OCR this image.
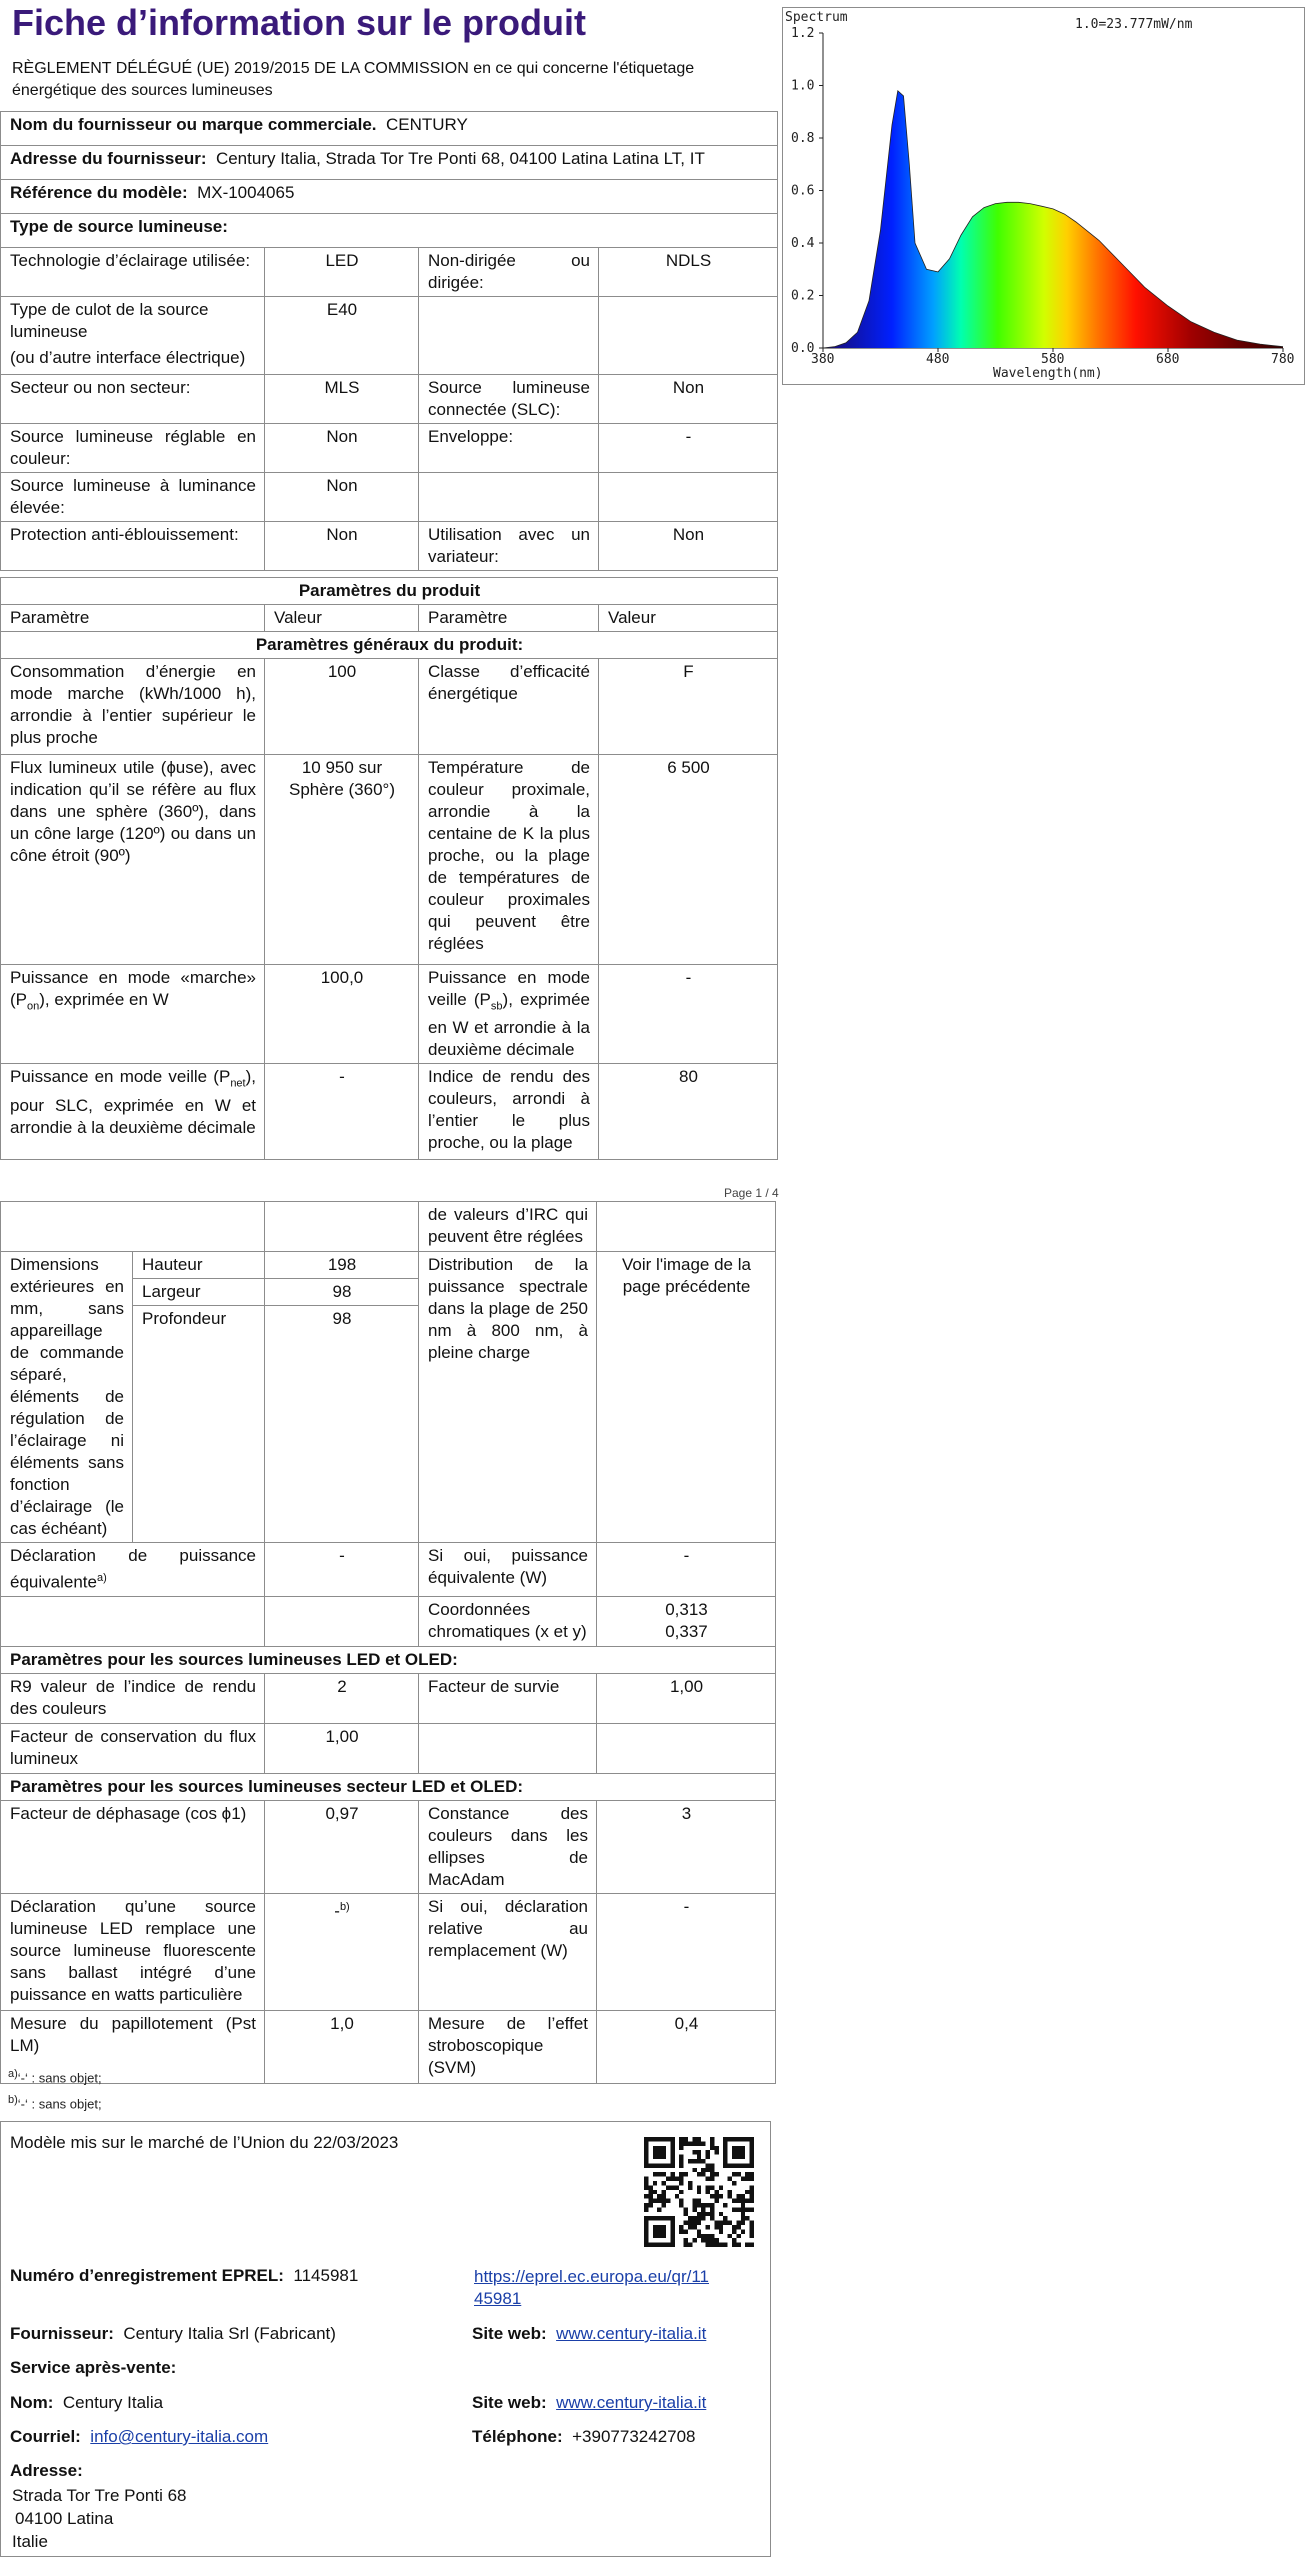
Fiche d’information sur le produit
RÈGLEMENT DÉLÉGUÉ (UE) 2019/2015 DE LA COMMISSION en ce qui concerne l'étiquetage énergétique des sources lumineuses
Spectrum	1.0=23.777mW/nm
380	480	580	680	780
0.0
0.2
0.4
0.6
0.8
1.0
1.2
Wavelength(nm)
Nom du fournisseur ou marque commerciale. CENTURY
Adresse du fournisseur: Century Italia, Strada Tor Tre Ponti 68, 04100 Latina Latina LT, IT
Référence du modèle: MX-1004065
Type de source lumineuse:
Technologie d’éclairage utilisée:	LED	Non-dirigée ou dirigée:	NDLS

Type de culot de la source lumineuse
(ou d’autre interface électrique)	E40		
Secteur ou non secteur:	MLS	Source lumineuse connectée (SLC):	Non
Source lumineuse réglable en couleur:	Non	Enveloppe:	-
Source lumineuse à luminance élevée:	Non		
Protection anti-éblouissement:	Non	Utilisation avec un variateur:	Non
Paramètres du produit			
Paramètre	Valeur	Paramètre	Valeur
Paramètres généraux du produit:			
Consommation d’énergie en mode marche (kWh/1000 h), arrondie à l’entier supérieur le plus proche	100	Classe d’efficacité énergétique	F
Flux lumineux utile (ɸuse), avec indication qu’il se réfère au flux dans une sphère (360º), dans un cône large (120º) ou dans un cône étroit (90º)	10 950 sur Sphère (360°)	Température de couleur proximale, arrondie à la centaine de K la plus proche, ou la plage de températures de couleur proximales qui peuvent être réglées	6 500
Puissance en mode «marche» $(P_{on})$, exprimée en W	100,0	Puissance en mode veille $(P_{sb})$, exprimée en W et arrondie à la deuxième décimale	-
Puissance en mode veille $(P_{net})$, pour SLC, exprimée en W et arrondie à la deuxième décimale	-	Indice de rendu des couleurs, arrondi à l’entier le plus proche, ou la plage	80
Page 1 / 4
			de valeurs d’IRC qui peuvent être réglées	
Dimensions extérieures en mm, sans appareillage de commande séparé, éléments de régulation de l’éclairage ni éléments sans fonction d’éclairage (le cas échéant)	Hauteur	198	Distribution de la puissance spectrale dans la plage de 250 nm à 800 nm, à pleine charge	Voir l'image de la page précédente
	Largeur	98		
	Profondeur	98		
Déclaration de puissance équivalente$^{a)}$		-	Si oui, puissance équivalente (W)	-
			Coordonnées chromatiques (x et y)	0,313
0,337

Paramètres pour les sources lumineuses LED et OLED:				
R9 valeur de l’indice de rendu des couleurs		2	Facteur de survie	1,00
Facteur de conservation du flux lumineux		1,00		
Paramètres pour les sources lumineuses secteur LED et OLED:				
Facteur de déphasage (cos ϕ1)		0,97	Constance des couleurs dans les ellipses de MacAdam	3
Déclaration qu’une source lumineuse LED remplace une source lumineuse fluorescente sans ballast intégré d’une puissance en watts particulière		-$^{b)}$	Si oui, déclaration relative au remplacement (W)	-
Mesure du papillotement (Pst LM)		1,0	Mesure de l’effet stroboscopique (SVM)	0,4
$^{a)}$‘-‘ : sans objet;
$^{b)}$‘-‘ : sans objet;
Modèle mis sur le marché de l’Union du 22/03/2023
Numéro d’enregistrement EPREL: 1145981	https://eprel.ec.europa.eu/qr/11
45981
Fournisseur: Century Italia Srl (Fabricant)	Site web: www.century-italia.it
Service après-vente:
Nom: Century Italia	Site web: www.century-italia.it
Courriel: info@century-italia.com	Téléphone: +390773242708
Adresse:
Strada Tor Tre Ponti 68
04100 Latina
Italie
